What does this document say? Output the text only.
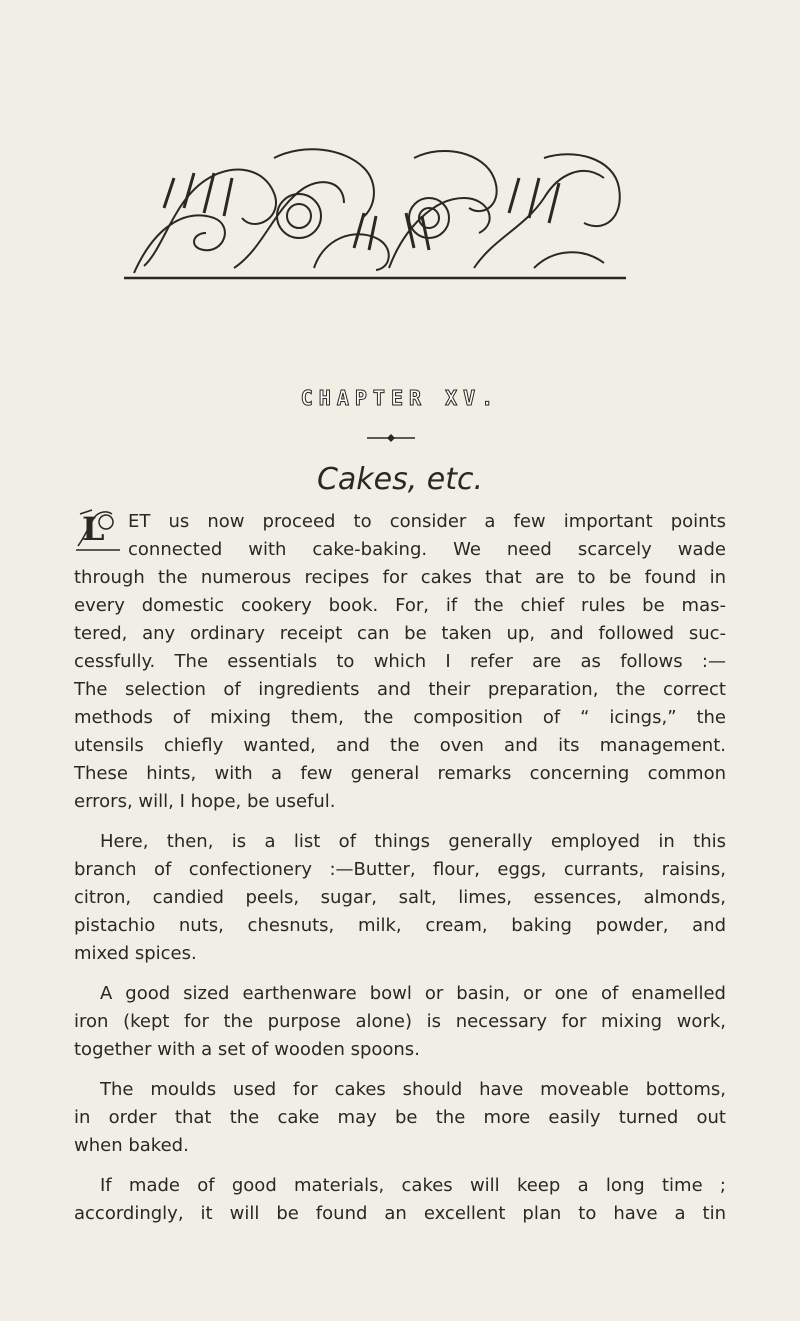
CHAPTER XV.
Cakes, etc.
L ET us now proceed to consider a few important points
connected with cake-baking. We need scarcely wade
through the numerous recipes for cakes that are to be found in
every domestic cookery book. For, if the chief rules be mas-
tered, any ordinary receipt can be taken up, and followed suc-
cessfully. The essentials to which I refer are as follows :—
The selection of ingredients and their preparation, the correct
methods of mixing them, the composition of “ icings,” the
utensils chiefly wanted, and the oven and its management.
These hints, with a few general remarks concerning common
errors, will, I hope, be useful.
Here, then, is a list of things generally employed in this
branch of confectionery :—Butter, flour, eggs, currants, raisins,
citron, candied peels, sugar, salt, limes, essences, almonds,
pistachio nuts, chesnuts, milk, cream, baking powder, and
mixed spices.
A good sized earthenware bowl or basin, or one of enamelled
iron (kept for the purpose alone) is necessary for mixing work,
together with a set of wooden spoons.
The moulds used for cakes should have moveable bottoms,
in order that the cake may be the more easily turned out
when baked.
If made of good materials, cakes will keep a long time ;
accordingly, it will be found an excellent plan to have a tin
